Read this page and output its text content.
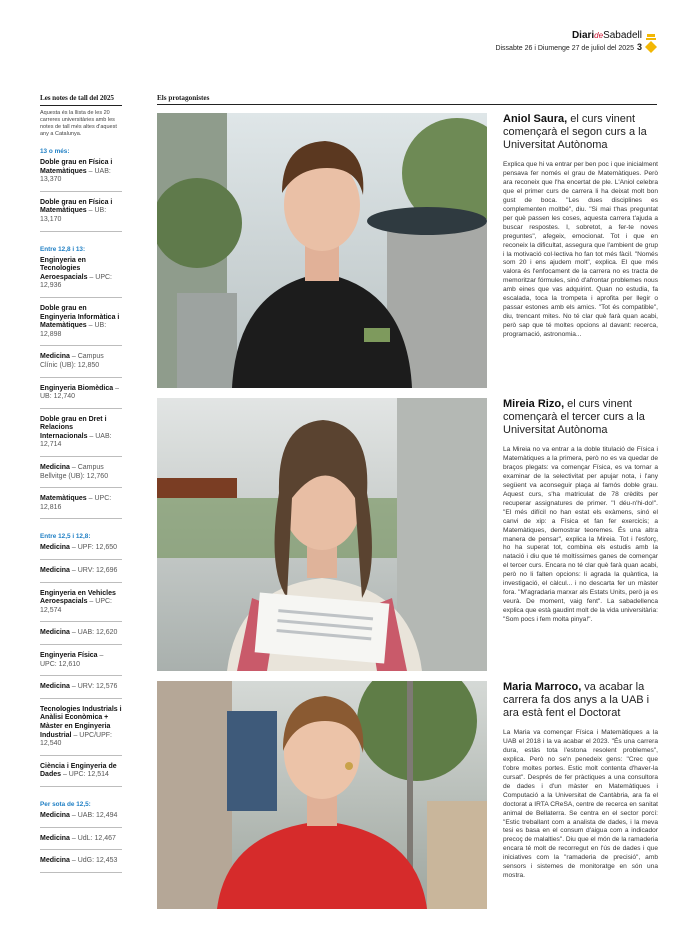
DiarideSabadell
Dissabte 26 i Diumenge 27 de juliol del 2025 3
Les notes de tall del 2025
Aquesta és la llista de les 20 carreres universitàries amb les notes de tall més altes d'aquest any a Catalunya.
13 o més:
Doble grau en Física i Matemàtiques – UAB: 13,370
Doble grau en Física i Matemàtiques – UB: 13,170
Entre 12,8 i 13:
Enginyeria en Tecnologies Aeroespacials – UPC: 12,936
Doble grau en Enginyeria Informàtica i Matemàtiques – UB: 12,898
Medicina – Campus Clínic (UB): 12,850
Enginyeria Biomèdica – UB: 12,740
Doble grau en Dret i Relacions Internacionals – UAB: 12,714
Medicina – Campus Bellvitge (UB): 12,760
Matemàtiques – UPC: 12,816
Entre 12,5 i 12,8:
Medicina – UPF: 12,650
Medicina – URV: 12,696
Enginyeria en Vehicles Aeroespacials – UPC: 12,574
Medicina – UAB: 12,620
Enginyeria Física – UPC: 12,610
Medicina – URV: 12,576
Tecnologies Industrials i Anàlisi Econòmica + Màster en Enginyeria Industrial – UPC/UPF: 12,540
Ciència i Enginyeria de Dades – UPC: 12,514
Per sota de 12,5:
Medicina – UAB: 12,494
Medicina – UdL: 12,467
Medicina – UdG: 12,453
Els protagonistes
Aniol Saura, el curs vinent començarà el segon curs a la Universitat Autònoma
Explica que hi va entrar per ben poc i que inicialment pensava fer només el grau de Matemàtiques. Però ara reconeix que l'ha encertat de ple. L'Aniol celebra que el primer curs de carrera li ha deixat molt bon gust de boca. "Les dues disciplines es complementen moltbé", diu. "Si mai t'has preguntat per què passen les coses, aquesta carrera t'ajuda a buscar respostes. I, sobretot, a fer-te noves preguntes", afegeix, emocionat. Tot i que en reconeix la dificultat, assegura que l'ambient de grup i la motivació col·lectiva ho fan tot més fàcil. "Només som 20 i ens ajudem molt", explica. El que més valora és l'enfocament de la carrera no es tracta de memoritzar fórmules, sinó d'afrontar problemes nous amb eines que vas adquirint. Quan no estudia, fa escalada, toca la trompeta i aprofita per llegir o passar estones amb els amics. "Tot és compatible", diu, trencant mites. No té clar què farà quan acabi, però sap que té moltes opcions al davant: recerca, programació, astronomia...
Mireia Rizo, el curs vinent començarà el tercer curs a la Universitat Autònoma
La Mireia no va entrar a la doble titulació de Física i Matemàtiques a la primera, però no es va quedar de braços plegats: va començar Física, es va tornar a examinar de la selectivitat per apujar nota, i l'any següent va aconseguir plaça al famós doble grau. Aquest curs, s'ha matriculat de 78 crèdits per recuperar assignatures de primer. "I déu-n'hi-do!". "El més difícil no han estat els exàmens, sinó el canvi de xip: a Física et fan fer exercicis; a Matemàtiques, demostrar teoremes. És una altra manera de pensar", explica la Mireia. Tot i l'esforç, ho ha superat tot, combina els estudis amb la natació i diu que té moltíssimes ganes de començar el tercer curs. Encara no té clar què farà quan acabi, però no li falten opcions: li agrada la quàntica, la investigació, el càlcul... i no descarta fer un màster fora. "M'agradaria marxar als Estats Units, però ja es veurà. De moment, vaig fent". La sabadellenca explica que està gaudint molt de la vida universitària: "Som pocs i fem molta pinya!".
Maria Marroco, va acabar la carrera fa dos anys a la UAB i ara està fent el Doctorat
La Maria va començar Física i Matemàtiques a la UAB el 2018 i la va acabar el 2023. "És una carrera dura, estàs tota l'estona resolent problemes", explica. Però no se'n penedeix gens: "Crec que t'obre moltes portes. Estic molt contenta d'haver-la cursat". Després de fer pràctiques a una consultora de dades i d'un màster en Matemàtiques i Computació a la Universitat de Cantàbria, ara fa el doctorat a IRTA CReSA, centre de recerca en sanitat animal de Bellaterra. Se centra en el sector porcí: "Estic treballant com a analista de dades, i la meva tesi es basa en el consum d'aigua com a indicador precoç de malalties". Diu que el món de la ramaderia encara té molt de recorregut en l'ús de dades i que iniciatives com la "ramaderia de precisió", amb sensors i sistemes de monitoratge en són una mostra.
